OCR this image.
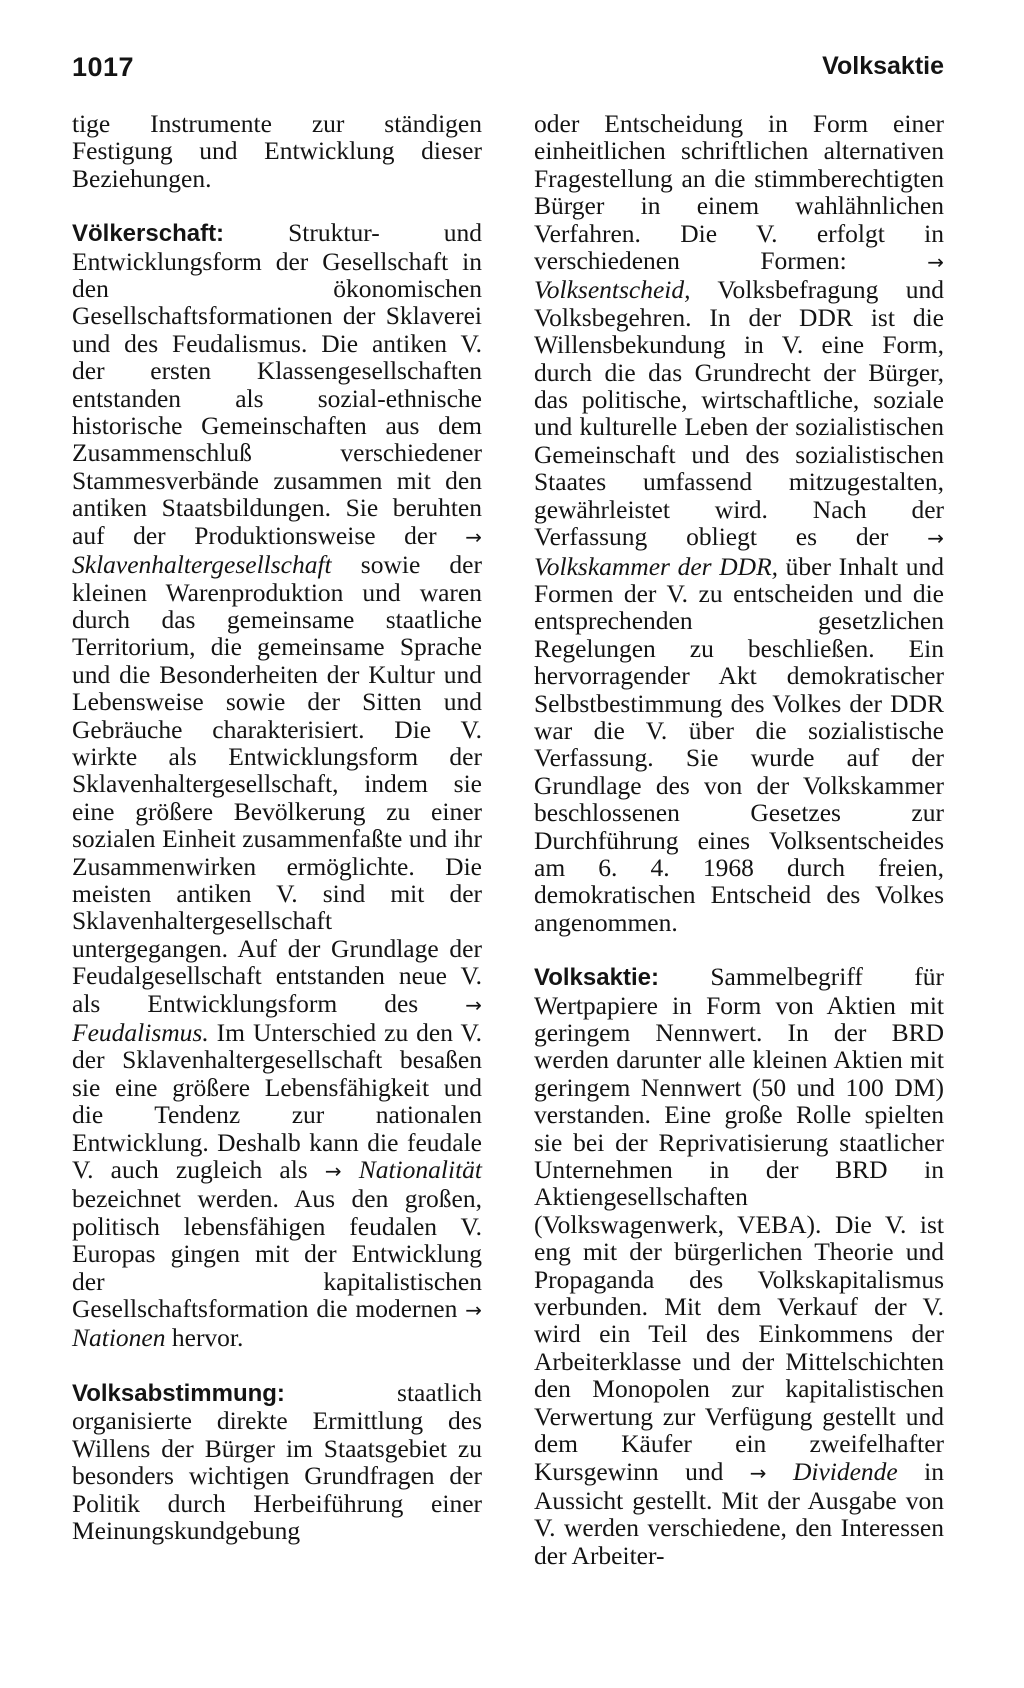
1017	Volksaktie

tige Instrumente zur ständigen Festigung und Entwicklung dieser Beziehungen.

Völkerschaft: Struktur- und Entwicklungsform der Gesellschaft in den ökonomischen Gesellschaftsformationen der Sklaverei und des Feudalismus. Die antiken V. der ersten Klassengesellschaften entstanden als sozial-ethnische historische Gemeinschaften aus dem Zusammenschluß verschiedener Stammesverbände zusammen mit den antiken Staatsbildungen. Sie beruhten auf der Produktionsweise der → Sklavenhaltergesellschaft sowie der kleinen Warenproduktion und waren durch das gemeinsame staatliche Territorium, die gemeinsame Sprache und die Besonderheiten der Kultur und Lebensweise sowie der Sitten und Gebräuche charakterisiert. Die V. wirkte als Entwicklungsform der Sklavenhaltergesellschaft, indem sie eine größere Bevölkerung zu einer sozialen Einheit zusammenfaßte und ihr Zusammenwirken ermöglichte. Die meisten antiken V. sind mit der Sklavenhaltergesellschaft untergegangen. Auf der Grundlage der Feudalgesellschaft entstanden neue V. als Entwicklungsform des → Feudalismus. Im Unterschied zu den V. der Sklavenhaltergesellschaft besaßen sie eine größere Lebensfähigkeit und die Tendenz zur nationalen Entwicklung. Deshalb kann die feudale V. auch zugleich als → Nationalität bezeichnet werden. Aus den großen, politisch lebensfähigen feudalen V. Europas gingen mit der Entwicklung der kapitalistischen Gesellschaftsformation die modernen → Nationen hervor.

Volksabstimmung: staatlich organisierte direkte Ermittlung des Willens der Bürger im Staatsgebiet zu besonders wichtigen Grundfragen der Politik durch Herbeiführung einer Meinungskundgebung

oder Entscheidung in Form einer einheitlichen schriftlichen alternativen Fragestellung an die stimmberechtigten Bürger in einem wahlähnlichen Verfahren. Die V. erfolgt in verschiedenen Formen: → Volksentscheid, Volksbefragung und Volksbegehren. In der DDR ist die Willensbekundung in V. eine Form, durch die das Grundrecht der Bürger, das politische, wirtschaftliche, soziale und kulturelle Leben der sozialistischen Gemeinschaft und des sozialistischen Staates umfassend mitzugestalten, gewährleistet wird. Nach der Verfassung obliegt es der → Volkskammer der DDR, über Inhalt und Formen der V. zu entscheiden und die entsprechenden gesetzlichen Regelungen zu beschließen. Ein hervorragender Akt demokratischer Selbstbestimmung des Volkes der DDR war die V. über die sozialistische Verfassung. Sie wurde auf der Grundlage des von der Volkskammer beschlossenen Gesetzes zur Durchführung eines Volksentscheides am 6. 4. 1968 durch freien, demokratischen Entscheid des Volkes angenommen.

Volksaktie: Sammelbegriff für Wertpapiere in Form von Aktien mit geringem Nennwert. In der BRD werden darunter alle kleinen Aktien mit geringem Nennwert (50 und 100 DM) verstanden. Eine große Rolle spielten sie bei der Reprivatisierung staatlicher Unternehmen in der BRD in Aktiengesellschaften (Volkswagenwerk, VEBA). Die V. ist eng mit der bürgerlichen Theorie und Propaganda des Volkskapitalismus verbunden. Mit dem Verkauf der V. wird ein Teil des Einkommens der Arbeiterklasse und der Mittelschichten den Monopolen zur kapitalistischen Verwertung zur Verfügung gestellt und dem Käufer ein zweifelhafter Kursgewinn und → Dividende in Aussicht gestellt. Mit der Ausgabe von V. werden verschiedene, den Interessen der Arbeiter-
